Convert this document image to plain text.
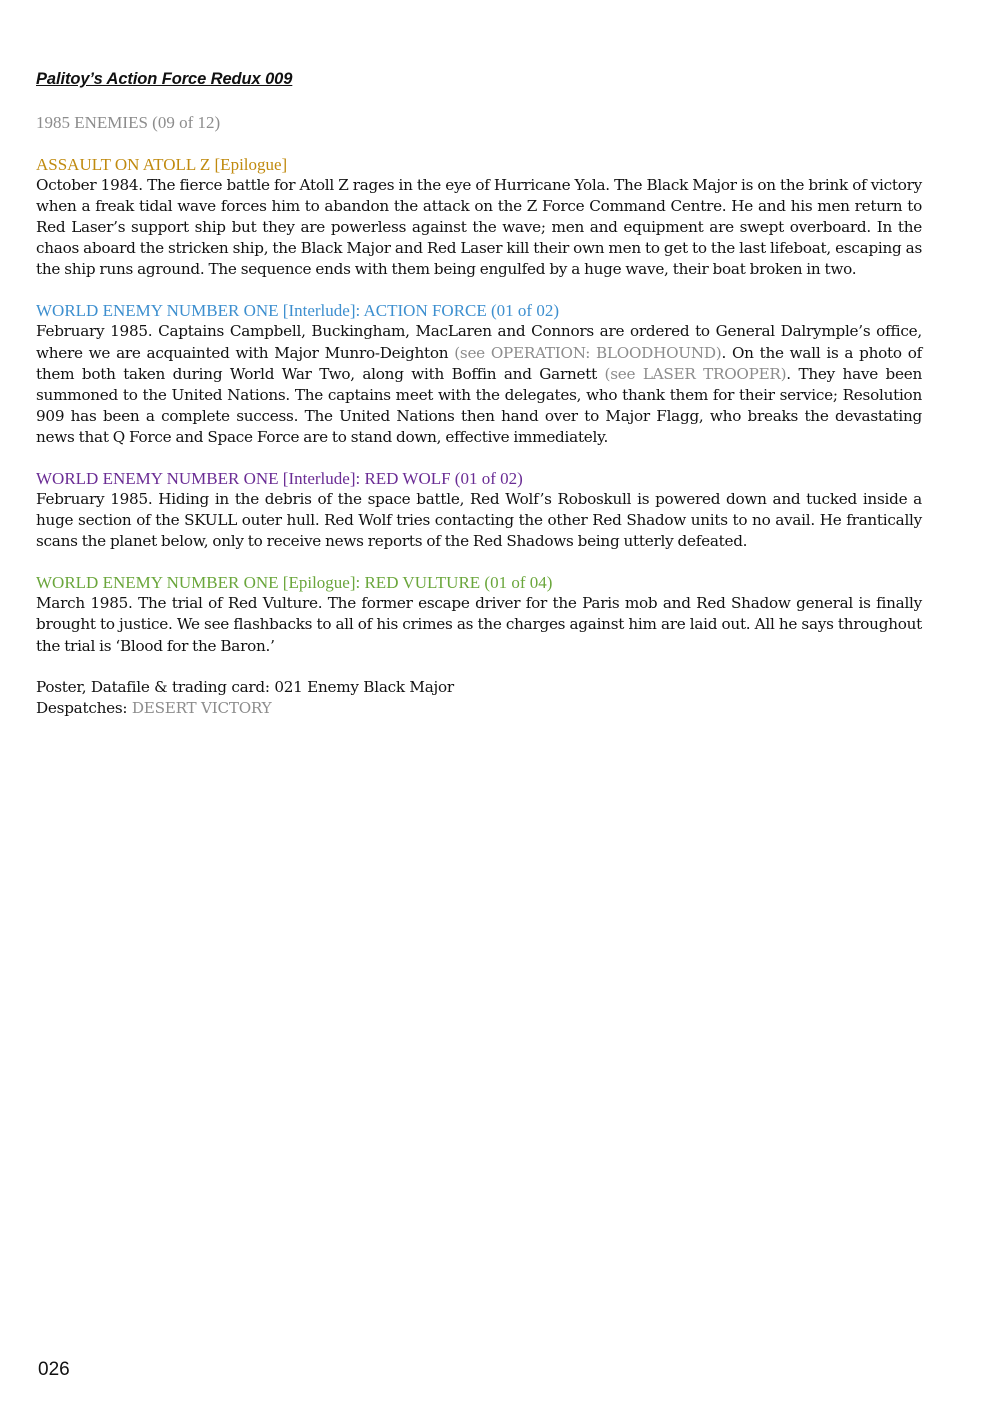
Palitoy’s Action Force Redux 009

1985 ENEMIES (09 of 12)

ASSAULT ON ATOLL Z [Epilogue]

October 1984. The fierce battle for Atoll Z rages in the eye of Hurricane Yola. The Black Major is on the brink of victory when a freak tidal wave forces him to abandon the attack on the Z Force Command Centre. He and his men return to Red Laser’s support ship but they are powerless against the wave; men and equipment are swept overboard. In the chaos aboard the stricken ship, the Black Major and Red Laser kill their own men to get to the last lifeboat, escaping as the ship runs aground. The sequence ends with them being engulfed by a huge wave, their boat broken in two.

WORLD ENEMY NUMBER ONE [Interlude]: ACTION FORCE (01 of 02)

February 1985. Captains Campbell, Buckingham, MacLaren and Connors are ordered to General Dalrymple’s office, where we are acquainted with Major Munro-Deighton (see OPERATION: BLOODHOUND). On the wall is a photo of them both taken during World War Two, along with Boffin and Garnett (see LASER TROOPER). They have been summoned to the United Nations. The captains meet with the delegates, who thank them for their service; Resolution 909 has been a complete success. The United Nations then hand over to Major Flagg, who breaks the devastating news that Q Force and Space Force are to stand down, effective immediately.

WORLD ENEMY NUMBER ONE [Interlude]: RED WOLF (01 of 02)

February 1985. Hiding in the debris of the space battle, Red Wolf’s Roboskull is powered down and tucked inside a huge section of the SKULL outer hull. Red Wolf tries contacting the other Red Shadow units to no avail. He frantically scans the planet below, only to receive news reports of the Red Shadows being utterly defeated.

WORLD ENEMY NUMBER ONE [Epilogue]: RED VULTURE (01 of 04)

March 1985. The trial of Red Vulture. The former escape driver for the Paris mob and Red Shadow general is finally brought to justice. We see flashbacks to all of his crimes as the charges against him are laid out. All he says throughout the trial is ‘Blood for the Baron.’

Poster, Datafile & trading card: 021 Enemy Black Major
Despatches: DESERT VICTORY
026
